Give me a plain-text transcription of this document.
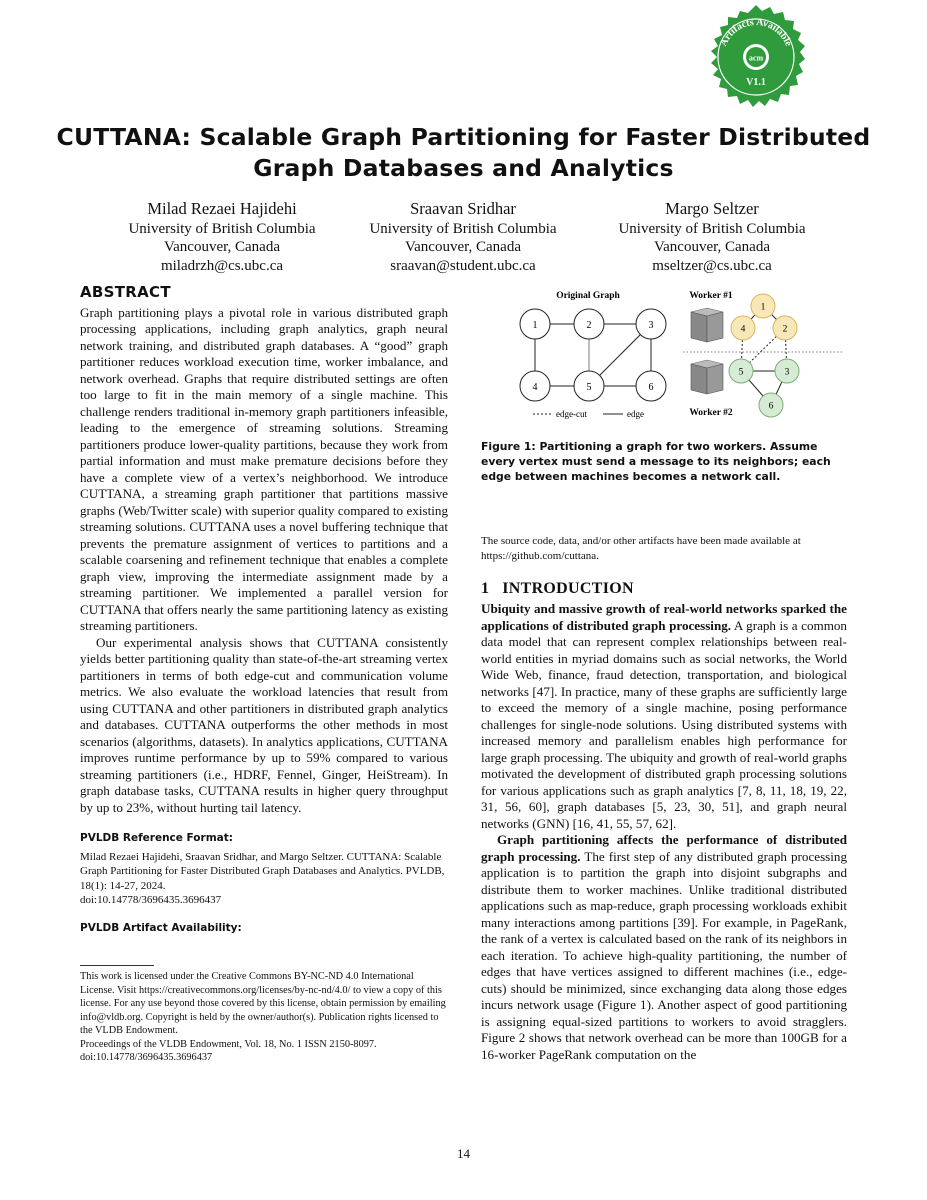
Artifacts Available
acm
V1.1
CUTTANA: Scalable Graph Partitioning for Faster Distributed
Graph Databases and Analytics
Milad Rezaei Hajidehi
University of British Columbia
Vancouver, Canada
miladrzh@cs.ubc.ca
Sraavan Sridhar
University of British Columbia
Vancouver, Canada
sraavan@student.ubc.ca
Margo Seltzer
University of British Columbia
Vancouver, Canada
mseltzer@cs.ubc.ca
ABSTRACT

Graph partitioning plays a pivotal role in various distributed graph processing applications, including graph analytics, graph neural network training, and distributed graph databases. A “good” graph partitioner reduces workload execution time, worker imbalance, and network overhead. Graphs that require distributed settings are often too large to fit in the main memory of a single machine. This challenge renders traditional in-memory graph partitioners infeasible, leading to the emergence of streaming solutions. Streaming partitioners produce lower-quality partitions, because they work from partial information and must make premature decisions before they have a complete view of a vertex’s neighborhood. We introduce CUTTANA, a streaming graph partitioner that partitions massive graphs (Web/Twitter scale) with superior quality compared to existing streaming solutions. CUTTANA uses a novel buffering technique that prevents the premature assignment of vertices to partitions and a scalable coarsening and refinement technique that enables a complete graph view, improving the intermediate assignment made by a streaming partitioner. We implemented a parallel version for CUTTANA that offers nearly the same partitioning latency as existing streaming partitioners.

Our experimental analysis shows that CUTTANA consistently yields better partitioning quality than state-of-the-art streaming vertex partitioners in terms of both edge-cut and communication volume metrics. We also evaluate the workload latencies that result from using CUTTANA and other partitioners in distributed graph analytics and databases. CUTTANA outperforms the other methods in most scenarios (algorithms, datasets). In analytics applications, CUTTANA improves runtime performance by up to 59% compared to various streaming partitioners (i.e., HDRF, Fennel, Ginger, HeiStream). In graph database tasks, CUTTANA results in higher query throughput by up to 23%, without hurting tail latency.

PVLDB Reference Format:

Milad Rezaei Hajidehi, Sraavan Sridhar, and Margo Seltzer. CUTTANA: Scalable Graph Partitioning for Faster Distributed Graph Databases and Analytics. PVLDB, 18(1): 14-27, 2024.

doi:10.14778/3696435.3696437

PVLDB Artifact Availability:

This work is licensed under the Creative Commons BY-NC-ND 4.0 International License. Visit https://creativecommons.org/licenses/by-nc-nd/4.0/ to view a copy of this license. For any use beyond those covered by this license, obtain permission by emailing info@vldb.org. Copyright is held by the owner/author(s). Publication rights licensed to the VLDB Endowment.

Proceedings of the VLDB Endowment, Vol. 18, No. 1 ISSN 2150-8097.

doi:10.14778/3696435.3696437

Original Graph
1	2	3
4	5	6
edge-cut	edge
Worker #1
Worker #2
1
4	2
5	3
6

Figure 1: Partitioning a graph for two workers. Assume every vertex must send a message to its neighbors; each edge between machines becomes a network call.

The source code, data, and/or other artifacts have been made available at https://github.com/cuttana.

1 INTRODUCTION

Ubiquity and massive growth of real-world networks sparked the applications of distributed graph processing. A graph is a common data model that can represent complex relationships between real-world entities in myriad domains such as social networks, the World Wide Web, finance, fraud detection, transportation, and biological networks [47]. In practice, many of these graphs are sufficiently large to exceed the memory of a single machine, posing performance challenges for single-node solutions. Using distributed systems with increased memory and parallelism enables high performance for large graph processing. The ubiquity and growth of real-world graphs motivated the development of distributed graph processing solutions for various applications such as graph analytics [7, 8, 11, 18, 19, 22, 31, 56, 60], graph databases [5, 23, 30, 51], and graph neural networks (GNN) [16, 41, 55, 57, 62].

Graph partitioning affects the performance of distributed graph processing. The first step of any distributed graph processing application is to partition the graph into disjoint subgraphs and distribute them to worker machines. Unlike traditional distributed applications such as map-reduce, graph processing workloads exhibit many interactions among partitions [39]. For example, in PageRank, the rank of a vertex is calculated based on the rank of its neighbors in each iteration. To achieve high-quality partitioning, the number of edges that have vertices assigned to different machines (i.e., edge-cuts) should be minimized, since exchanging data along those edges incurs network usage (Figure 1). Another aspect of good partitioning is assigning equal-sized partitions to workers to avoid stragglers. Figure 2 shows that network overhead can be more than 100GB for a 16-worker PageRank computation on the

14
